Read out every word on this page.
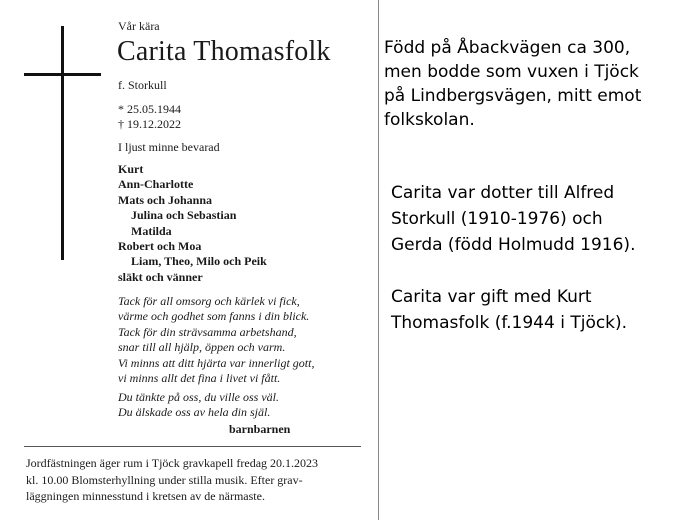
Vår kära
Carita Thomasfolk
f. Storkull
* 25.05.1944
† 19.12.2022
I ljust minne bevarad
Kurt
Ann-Charlotte
Mats och Johanna
Julina och Sebastian
Matilda
Robert och Moa
Liam, Theo, Milo och Peik
släkt och vänner
Tack för all omsorg och kärlek vi fick,
värme och godhet som fanns i din blick.
Tack för din strävsamma arbetshand,
snar till all hjälp, öppen och varm.
Vi minns att ditt hjärta var innerligt gott,
vi minns allt det fina i livet vi fått.
Du tänkte på oss, du ville oss väl.
Du älskade oss av hela din själ.
barnbarnen
Jordfästningen äger rum i Tjöck gravkapell fredag 20.1.2023
kl. 10.00 Blomsterhyllning under stilla musik. Efter grav-
läggningen minnesstund i kretsen av de närmaste.
Född på Åbackvägen ca 300,
men bodde som vuxen i Tjöck
på Lindbergsvägen, mitt emot
folkskolan.
Carita var dotter till Alfred
Storkull (1910-1976) och
Gerda (född Holmudd 1916).
Carita var gift med Kurt
Thomasfolk (f.1944 i Tjöck).
